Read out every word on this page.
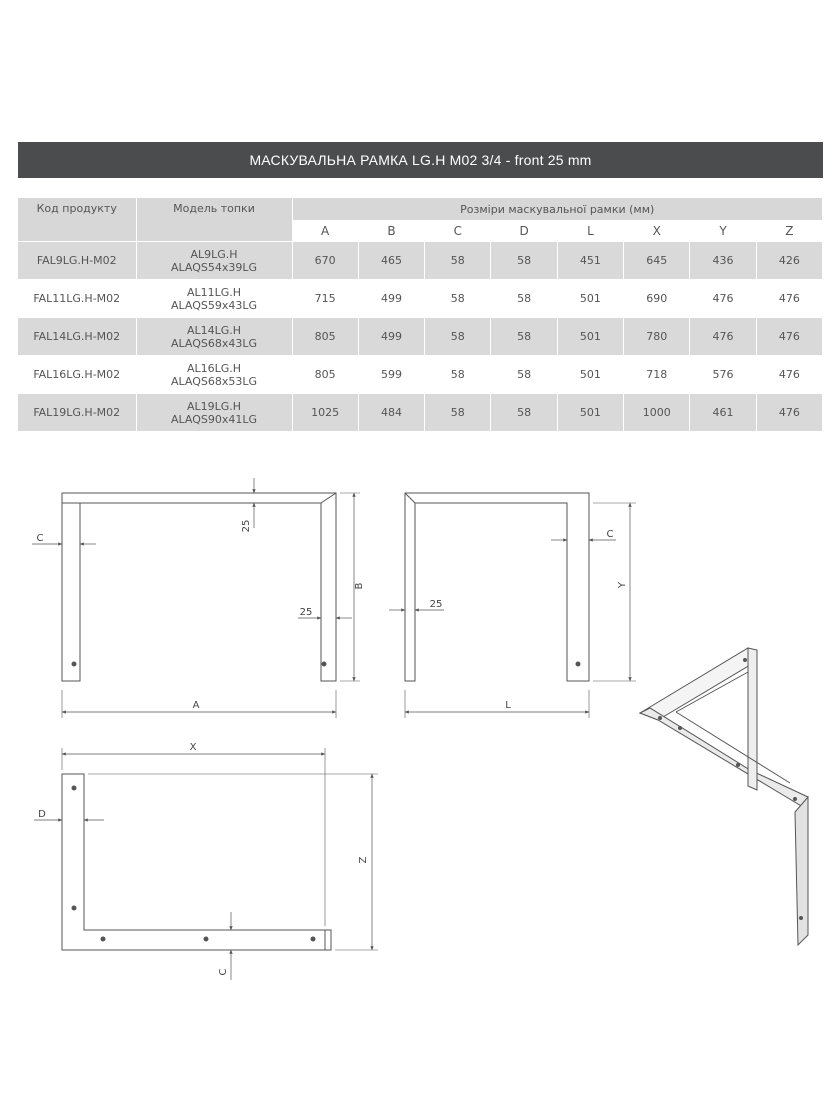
МАСКУВАЛЬНА РАМКА LG.H M02 3/4 - front 25 mm
Код продукту	Модель топки	Розміри маскувальної рамки (мм)							
		A	B	C	D	L	X	Y	Z
FAL9LG.H-M02	AL9LG.H
ALAQS54x39LG	670	465	58	58	451	645	436	426
FAL11LG.H-M02	AL11LG.H
ALAQS59x43LG	715	499	58	58	501	690	476	476
FAL14LG.H-M02	AL14LG.H
ALAQS68x43LG	805	499	58	58	501	780	476	476
FAL16LG.H-M02	AL16LG.H
ALAQS68x53LG	805	599	58	58	501	718	576	476
FAL19LG.H-M02	AL19LG.H
ALAQS90x41LG	1025	484	58	58	501	1000	461	476
A
B
C
25
25
L
Y
C
25
X
Z
D
C
